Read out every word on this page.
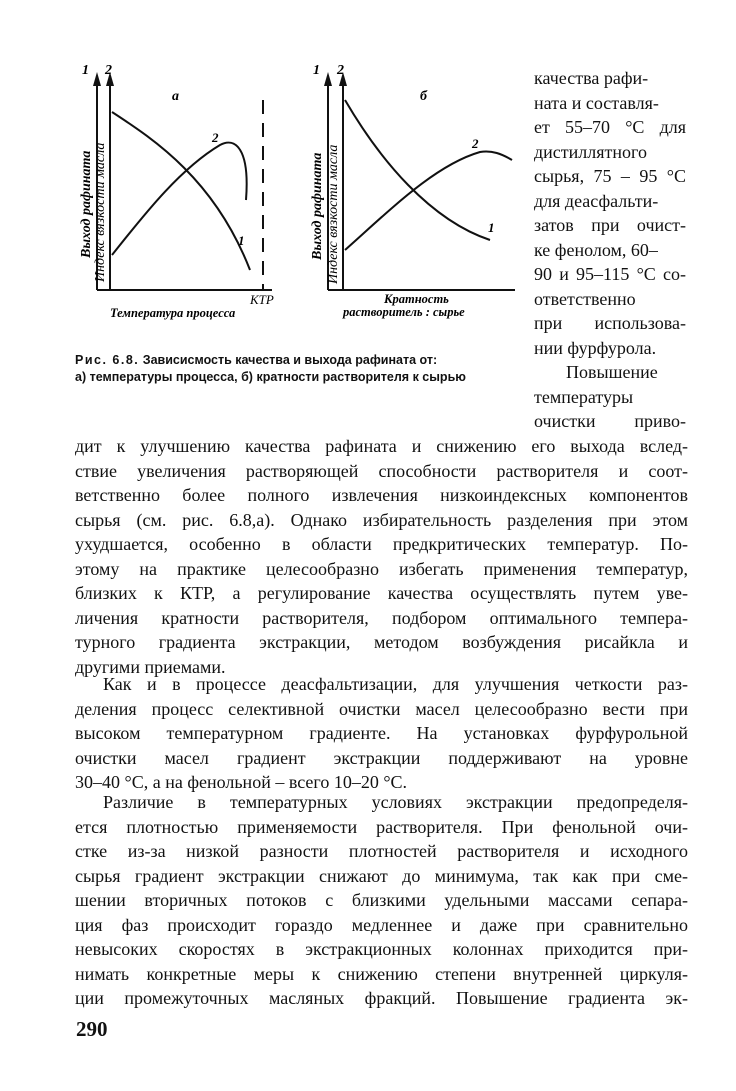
а
1 2
2
1
Выход рафината Индекс вязкости масла
КТР
Температура процесса
б
1 2
2
1
Выход рафината Индекс вязкости масла
Кратность
растворитель : сырье
Рис. 6.8. Зависисмость качества и выхода рафината от:
а) температуры процесса, б) кратности растворителя к сырью
качества рафи-
ната и составля-
ет 55–70 °С для
дистиллятного
сырья, 75 – 95 °С
для деасфальти-
затов при очист-
ке фенолом, 60–
90 и 95–115 °С со-
ответственно
при использова-
нии фурфурола.
Повышение
температуры
очистки приво-
дит к улучшению качества рафината и снижению его выхода вслед-
ствие увеличения растворяющей способности растворителя и соот-
ветственно более полного извлечения низкоиндексных компонентов
сырья (см. рис. 6.8,а). Однако избирательность разделения при этом
ухудшается, особенно в области предкритических температур. По-
этому на практике целесообразно избегать применения температур,
близких к КТР, а регулирование качества осуществлять путем уве-
личения кратности растворителя, подбором оптимального темпера-
турного градиента экстракции, методом возбуждения рисайкла и
другими приемами.
Как и в процессе деасфальтизации, для улучшения четкости раз-
деления процесс селективной очистки масел целесообразно вести при
высоком температурном градиенте. На установках фурфурольной
очистки масел градиент экстракции поддерживают на уровне
30–40 °С, а на фенольной – всего 10–20 °С.
Различие в температурных условиях экстракции предопределя-
ется плотностью применяемости растворителя. При фенольной очи-
стке из-за низкой разности плотностей растворителя и исходного
сырья градиент экстракции снижают до минимума, так как при сме-
шении вторичных потоков с близкими удельными массами сепара-
ция фаз происходит гораздо медленнее и даже при сравнительно
невысоких скоростях в экстракционных колоннах приходится при-
нимать конкретные меры к снижению степени внутренней циркуля-
ции промежуточных масляных фракций. Повышение градиента эк-
290
